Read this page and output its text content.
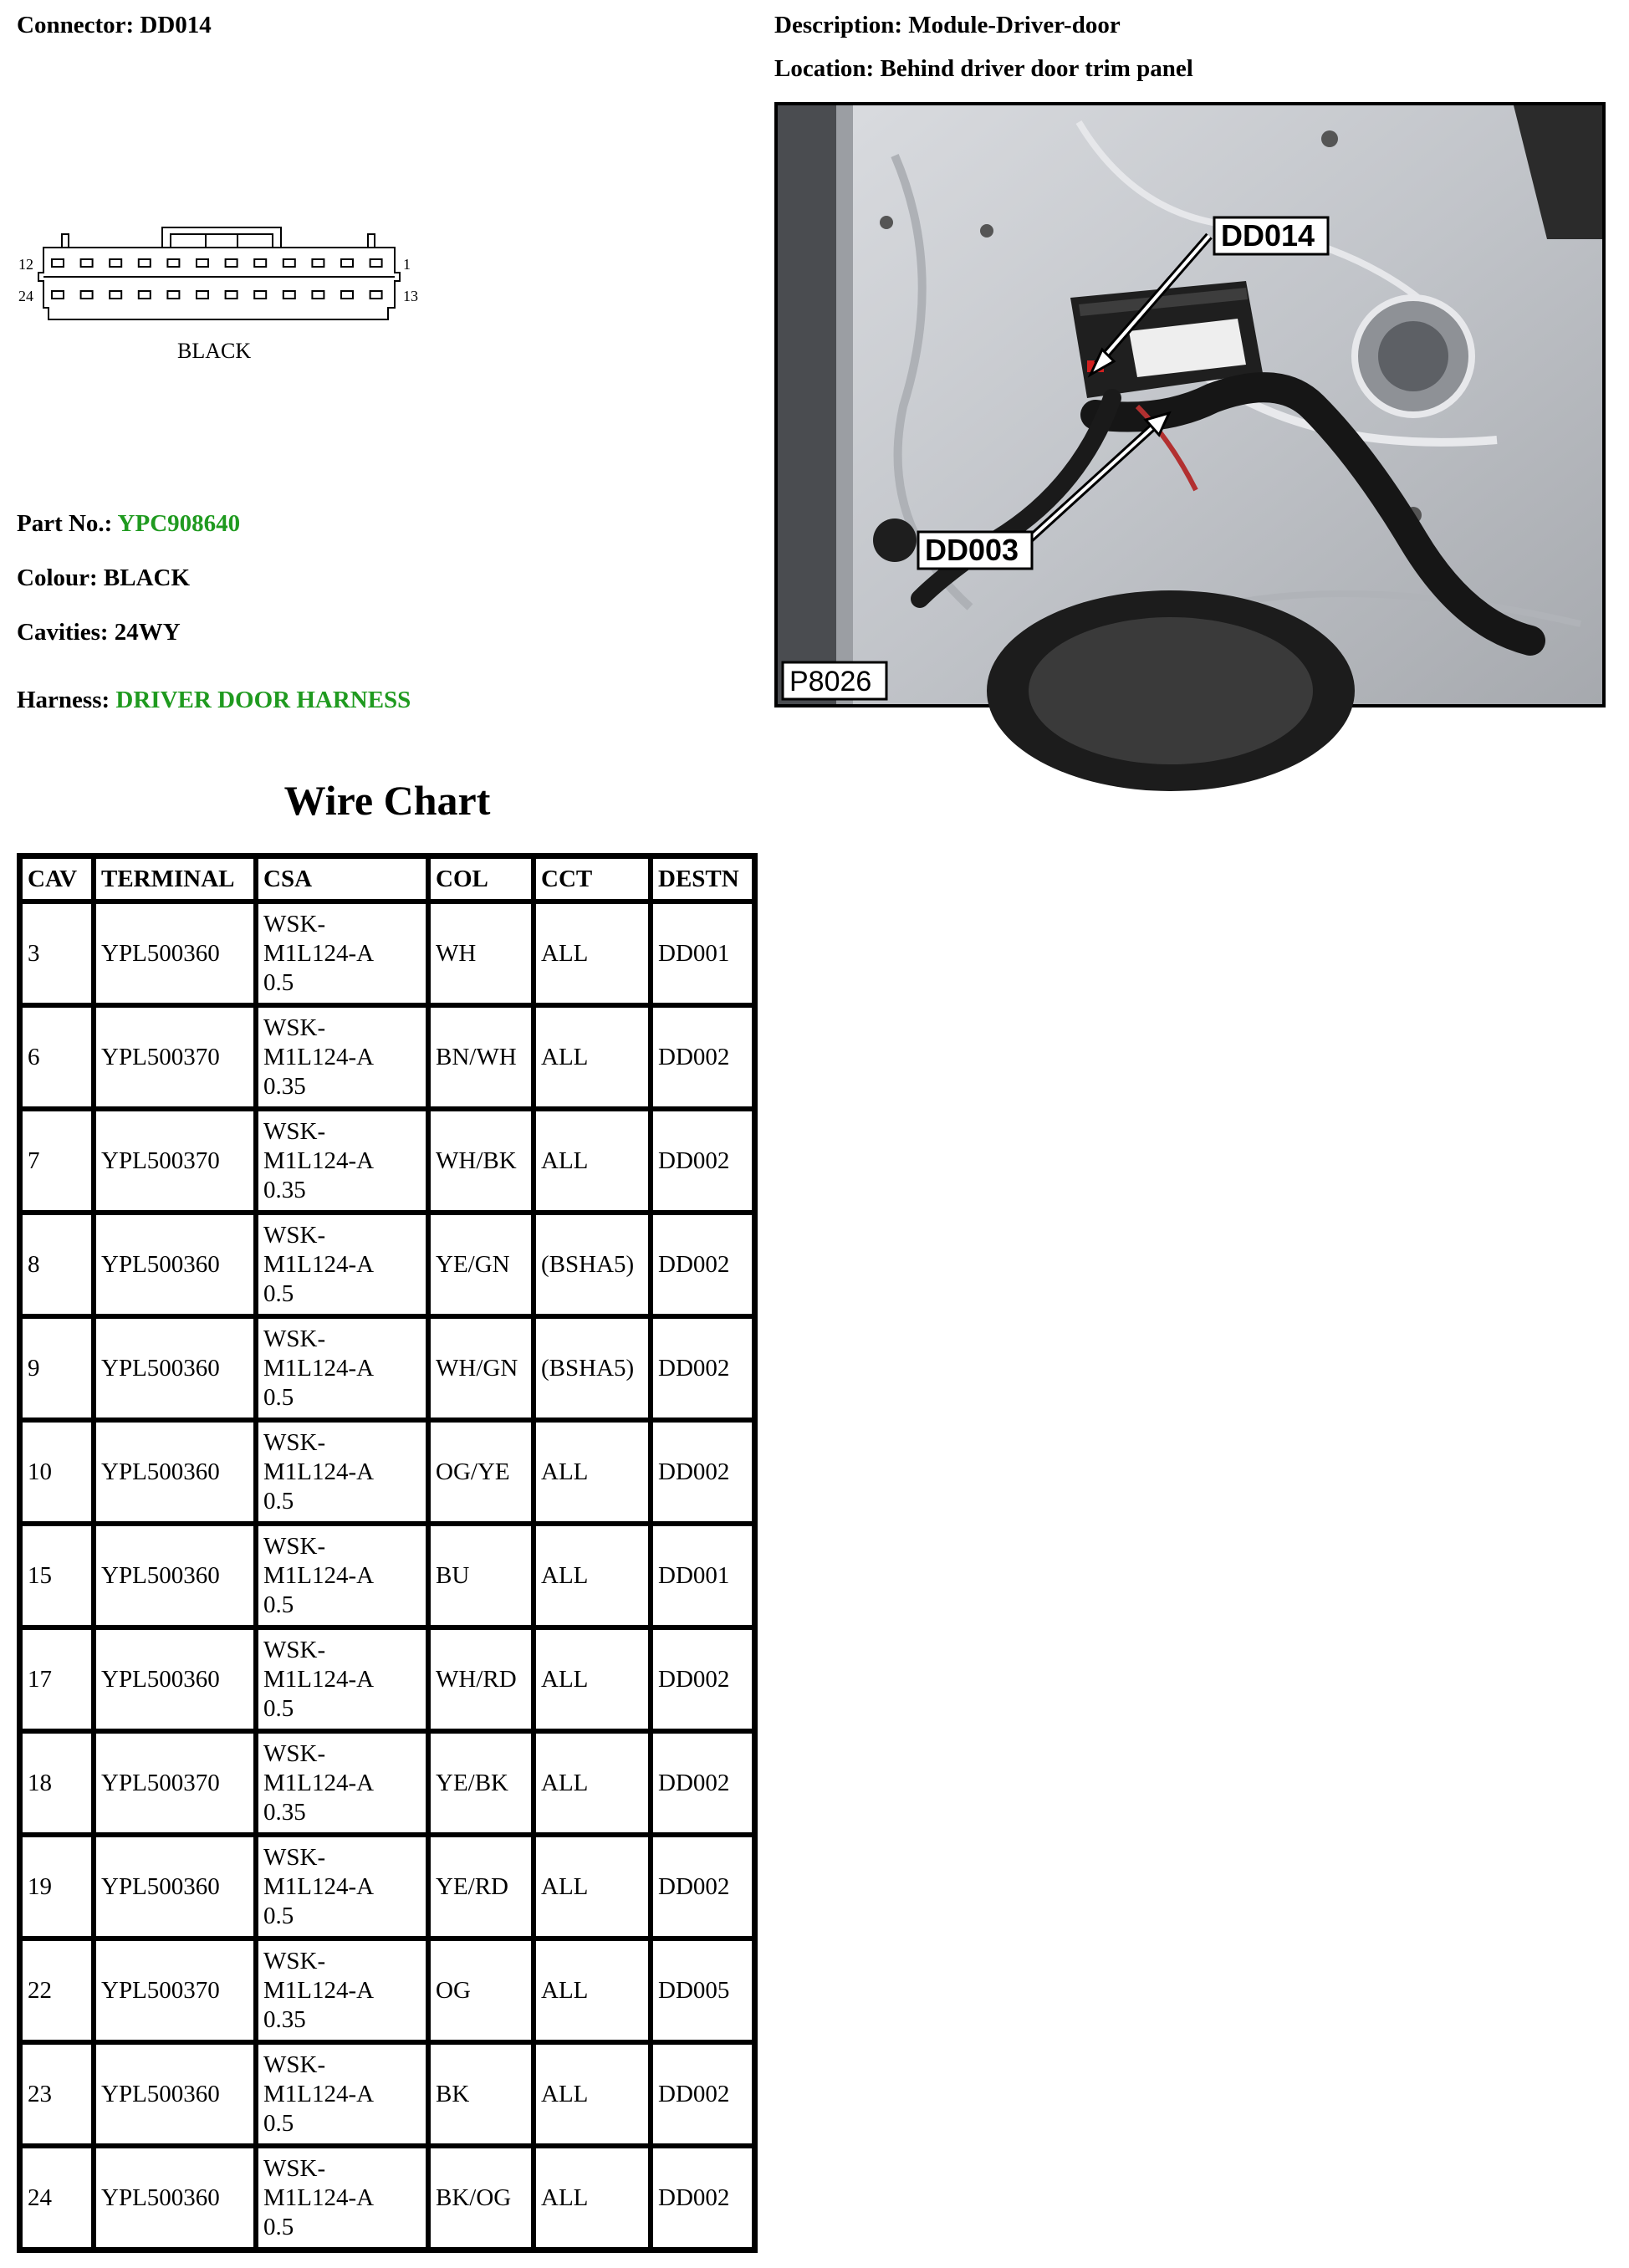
Connector: DD014	Description: Module-Driver-door
Location: Behind driver door trim panel
12	1
24	13
BLACK
DD014
DD003
P8026
Part No.: YPC908640
Colour: BLACK
Cavities: 24WY
Harness: DRIVER DOOR HARNESS
Wire Chart
CAV	TERMINAL	CSA	COL	CCT	DESTN
3	YPL500360	WSK-
M1L124-A
0.5	WH	ALL	DD001
6	YPL500370	WSK-
M1L124-A
0.35	BN/WH	ALL	DD002
7	YPL500370	WSK-
M1L124-A
0.35	WH/BK	ALL	DD002
8	YPL500360	WSK-
M1L124-A
0.5	YE/GN	(BSHA5)	DD002
9	YPL500360	WSK-
M1L124-A
0.5	WH/GN	(BSHA5)	DD002
10	YPL500360	WSK-
M1L124-A
0.5	OG/YE	ALL	DD002
15	YPL500360	WSK-
M1L124-A
0.5	BU	ALL	DD001
17	YPL500360	WSK-
M1L124-A
0.5	WH/RD	ALL	DD002
18	YPL500370	WSK-
M1L124-A
0.35	YE/BK	ALL	DD002
19	YPL500360	WSK-
M1L124-A
0.5	YE/RD	ALL	DD002
22	YPL500370	WSK-
M1L124-A
0.35	OG	ALL	DD005
23	YPL500360	WSK-
M1L124-A
0.5	BK	ALL	DD002
24	YPL500360	WSK-
M1L124-A
0.5	BK/OG	ALL	DD002
